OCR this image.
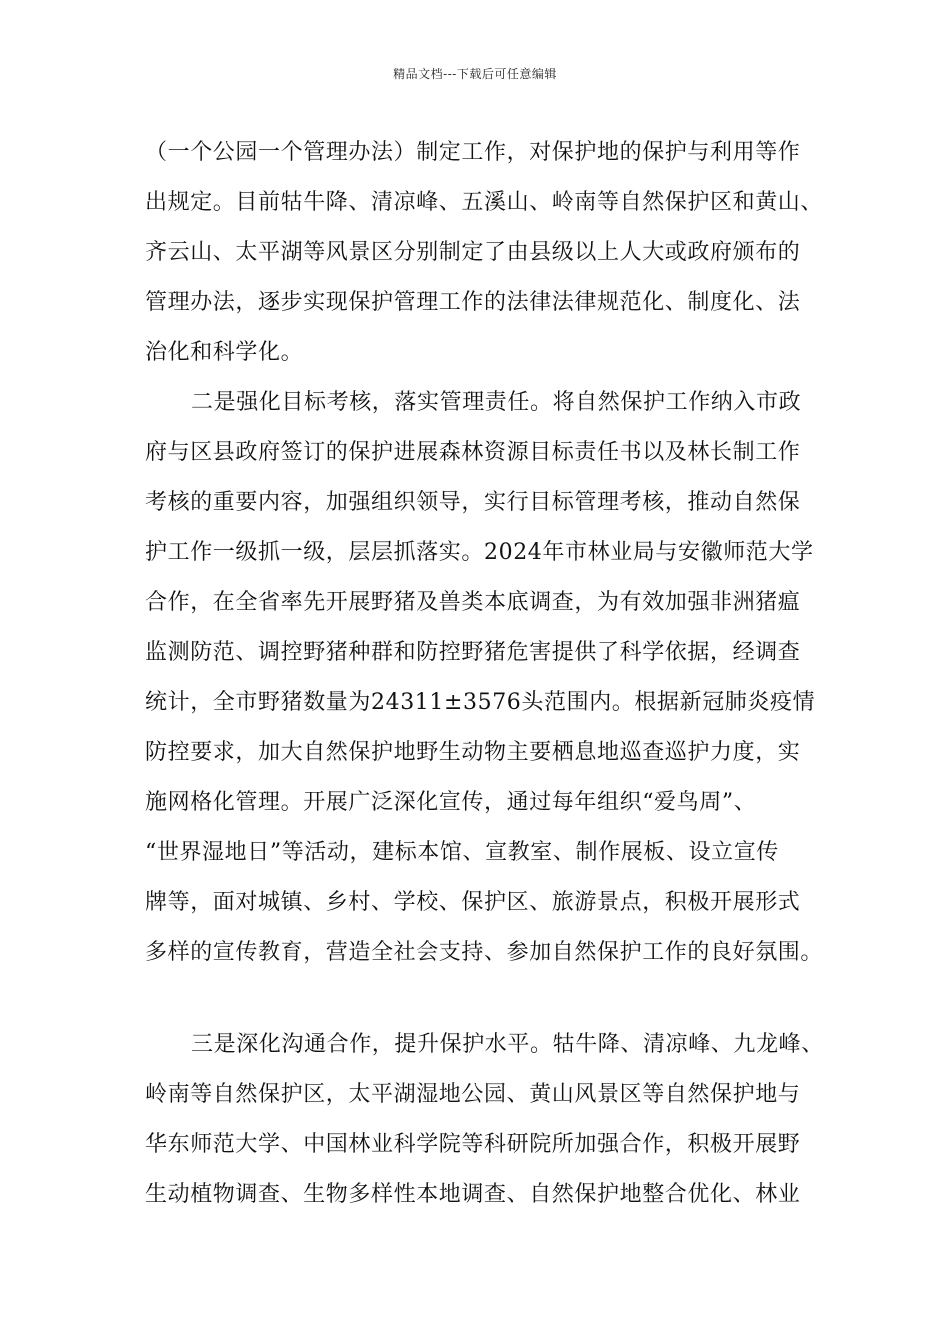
精品文档---下载后可任意编辑
（一个公园一个管理办法）制定工作，对保护地的保护与利用等作
出规定。目前牯牛降、清凉峰、五溪山、岭南等自然保护区和黄山、
齐云山、太平湖等风景区分别制定了由县级以上人大或政府颁布的
管理办法，逐步实现保护管理工作的法律法律规范化、制度化、法
治化和科学化。
二是强化目标考核，落实管理责任。将自然保护工作纳入市政
府与区县政府签订的保护进展森林资源目标责任书以及林长制工作
考核的重要内容，加强组织领导，实行目标管理考核，推动自然保
护工作一级抓一级，层层抓落实。2024年市林业局与安徽师范大学
合作，在全省率先开展野猪及兽类本底调查，为有效加强非洲猪瘟
监测防范、调控野猪种群和防控野猪危害提供了科学依据，经调查
统计，全市野猪数量为24311±3576头范围内。根据新冠肺炎疫情
防控要求，加大自然保护地野生动物主要栖息地巡查巡护力度，实
施网格化管理。开展广泛深化宣传，通过每年组织“爱鸟周”、
“世界湿地日”等活动，建标本馆、宣教室、制作展板、设立宣传
牌等，面对城镇、乡村、学校、保护区、旅游景点，积极开展形式
多样的宣传教育，营造全社会支持、参加自然保护工作的良好氛围。
三是深化沟通合作，提升保护水平。牯牛降、清凉峰、九龙峰、
岭南等自然保护区，太平湖湿地公园、黄山风景区等自然保护地与
华东师范大学、中国林业科学院等科研院所加强合作，积极开展野
生动植物调查、生物多样性本地调查、自然保护地整合优化、林业
